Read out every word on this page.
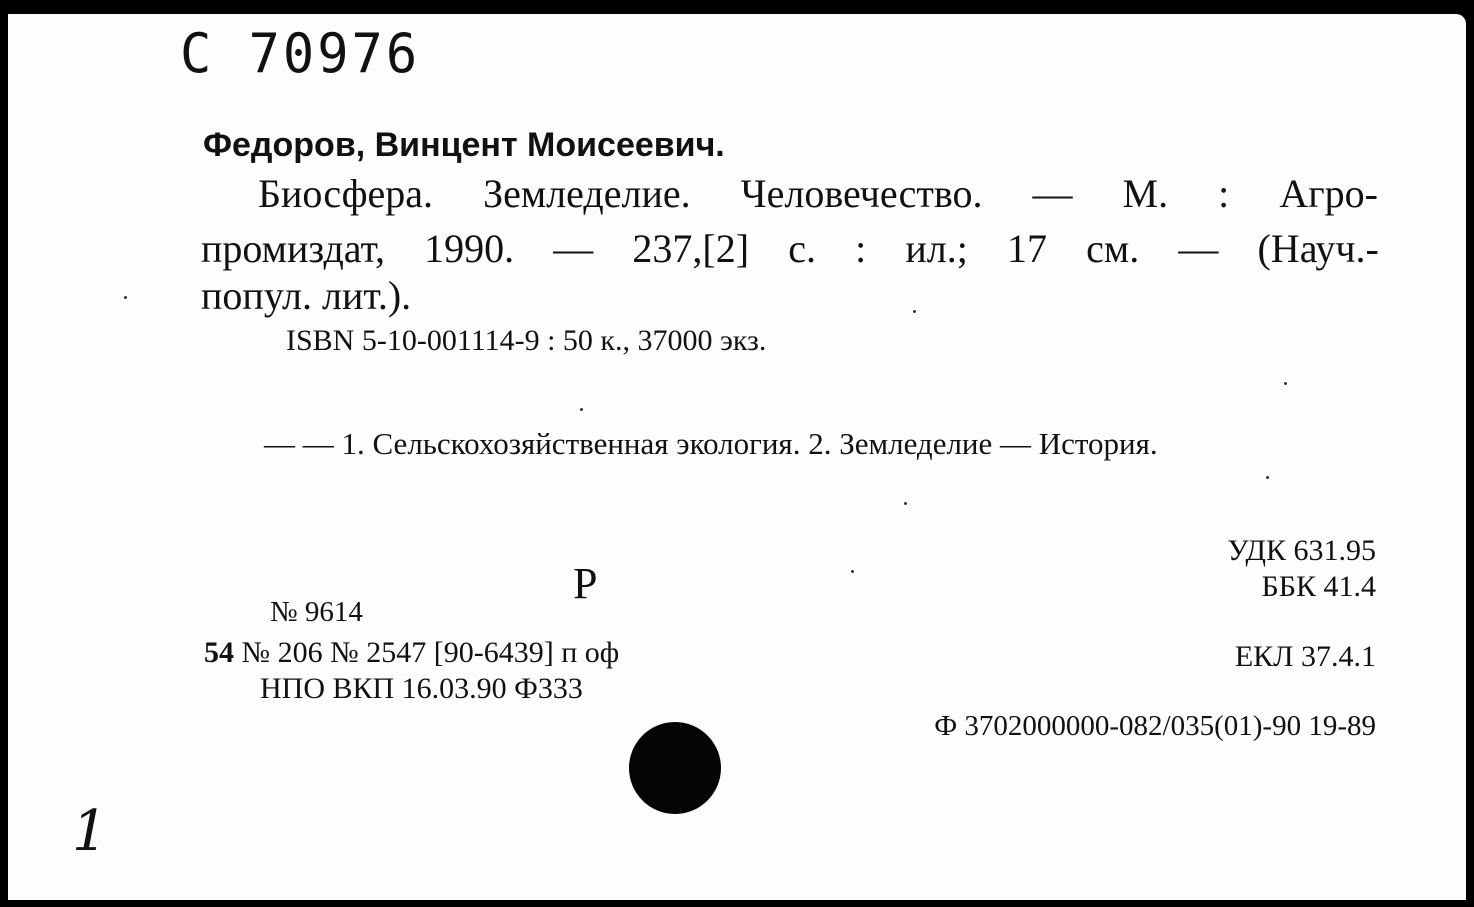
С 70976
Федоров, Винцент Моисеевич.
Биосфера. Земледелие. Человечество. — М. : Агро-
промиздат, 1990. — 237,[2] с. : ил.; 17 см. — (Науч.-
попул. лит.).
ISBN 5-10-001114-9 : 50 к., 37000 экз.
— — 1. Сельскохозяйственная экология. 2. Земледелие — История.
Р
№ 9614
54 № 206 № 2547 [90-6439] п оф
НПО ВКП 16.03.90 Ф333
УДК 631.95
ББК 41.4
ЕКЛ 37.4.1
Ф 3702000000-082/035(01)-90 19-89
1
